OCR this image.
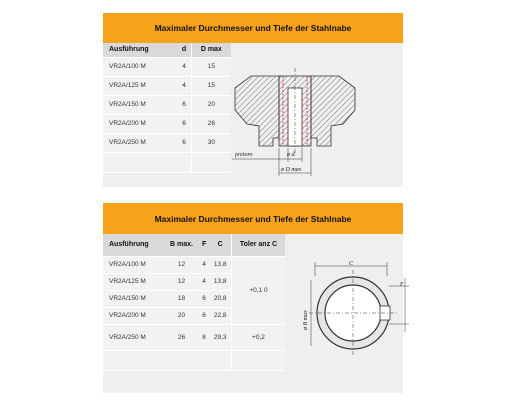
Maximaler Durchmesser und Tiefe der Stahlnabe
Ausführung	d	D max
VR2A/100 M	4	15
VR2A/125 M	4	15
VR2A/150 M	6	20
VR2A/200 M	6	26
VR2A/250 M	6	30

pretoro	ø d
ø D max
Maximaler Durchmesser und Tiefe der Stahlnabe
Ausführung	B max.	F	C	Toler anz C
VR2A/100 M	12	4	13,8	+0,1 0
VR2A/125 M	12	4	13,8	
VR2A/150 M	18	6	20,8	
VR2A/200 M	20	6	22,8	
VR2A/250 M	26	8	29,3	+0,2

C
F
ø B max
